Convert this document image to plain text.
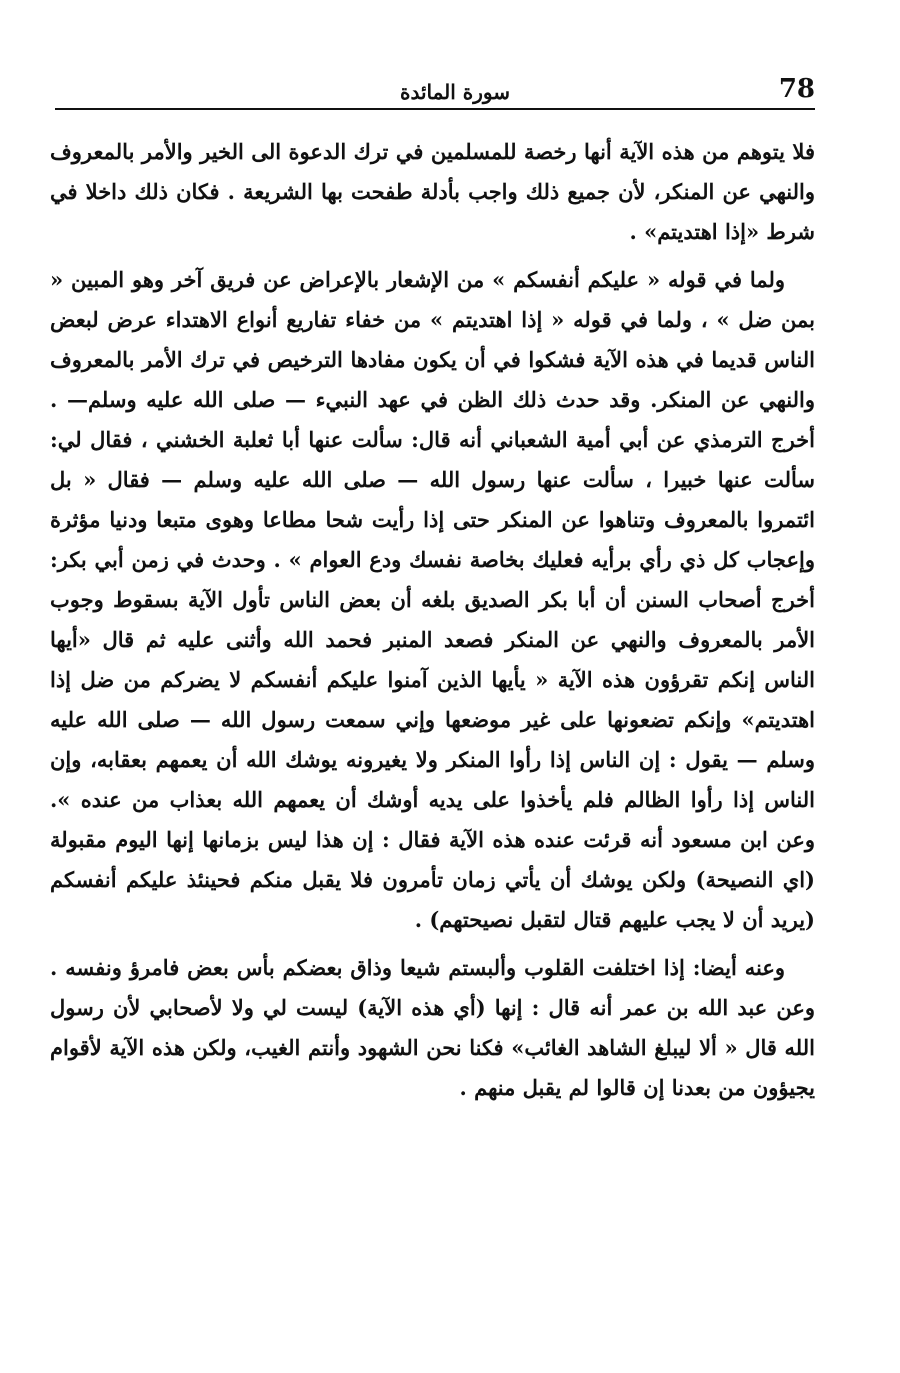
78
سورة المائدة

فلا يتوهم من هذه الآية أنها رخصة للمسلمين في ترك الدعوة الى الخير والأمر بالمعروف والنهي عن المنكر، لأن جميع ذلك واجب بأدلة طفحت بها الشريعة . فكان ذلك داخلا في شرط «إذا اهتديتم» .

ولما في قوله « عليكم أنفسكم » من الإشعار بالإعراض عن فريق آخر وهو المبين « بمن ضل » ، ولما في قوله « إذا اهتديتم » من خفاء تفاريع أنواع الاهتداء عرض لبعض الناس قديما في هذه الآية فشكوا في أن يكون مفادها الترخيص في ترك الأمر بالمعروف والنهي عن المنكر. وقد حدث ذلك الظن في عهد النبيء — صلى الله عليه وسلم— . أخرج الترمذي عن أبي أمية الشعباني أنه قال: سألت عنها أبا ثعلبة الخشني ، فقال لي: سألت عنها خبيرا ، سألت عنها رسول الله — صلى الله عليه وسلم — فقال « بل ائتمروا بالمعروف وتناهوا عن المنكر حتى إذا رأيت شحا مطاعا وهوى متبعا ودنيا مؤثرة وإعجاب كل ذي رأي برأيه فعليك بخاصة نفسك ودع العوام » . وحدث في زمن أبي بكر: أخرج أصحاب السنن أن أبا بكر الصديق بلغه أن بعض الناس تأول الآية بسقوط وجوب الأمر بالمعروف والنهي عن المنكر فصعد المنبر فحمد الله وأثنى عليه ثم قال «أيها الناس إنكم تقرؤون هذه الآية « يأيها الذين آمنوا عليكم أنفسكم لا يضركم من ضل إذا اهتديتم» وإنكم تضعونها على غير موضعها وإني سمعت رسول الله — صلى الله عليه وسلم — يقول : إن الناس إذا رأوا المنكر ولا يغيرونه يوشك الله أن يعمهم بعقابه، وإن الناس إذا رأوا الظالم فلم يأخذوا على يديه أوشك أن يعمهم الله بعذاب من عنده ». وعن ابن مسعود أنه قرئت عنده هذه الآية فقال : إن هذا ليس بزمانها إنها اليوم مقبولة (اي النصيحة) ولكن يوشك أن يأتي زمان تأمرون فلا يقبل منكم فحينئذ عليكم أنفسكم (يريد أن لا يجب عليهم قتال لتقبل نصيحتهم) .

وعنه أيضا: إذا اختلفت القلوب وألبستم شيعا وذاق بعضكم بأس بعض فامرؤ ونفسه . وعن عبد الله بن عمر أنه قال : إنها (أي هذه الآية) ليست لي ولا لأصحابي لأن رسول الله قال « ألا ليبلغ الشاهد الغائب» فكنا نحن الشهود وأنتم الغيب، ولكن هذه الآية لأقوام يجيؤون من بعدنا إن قالوا لم يقبل منهم .
